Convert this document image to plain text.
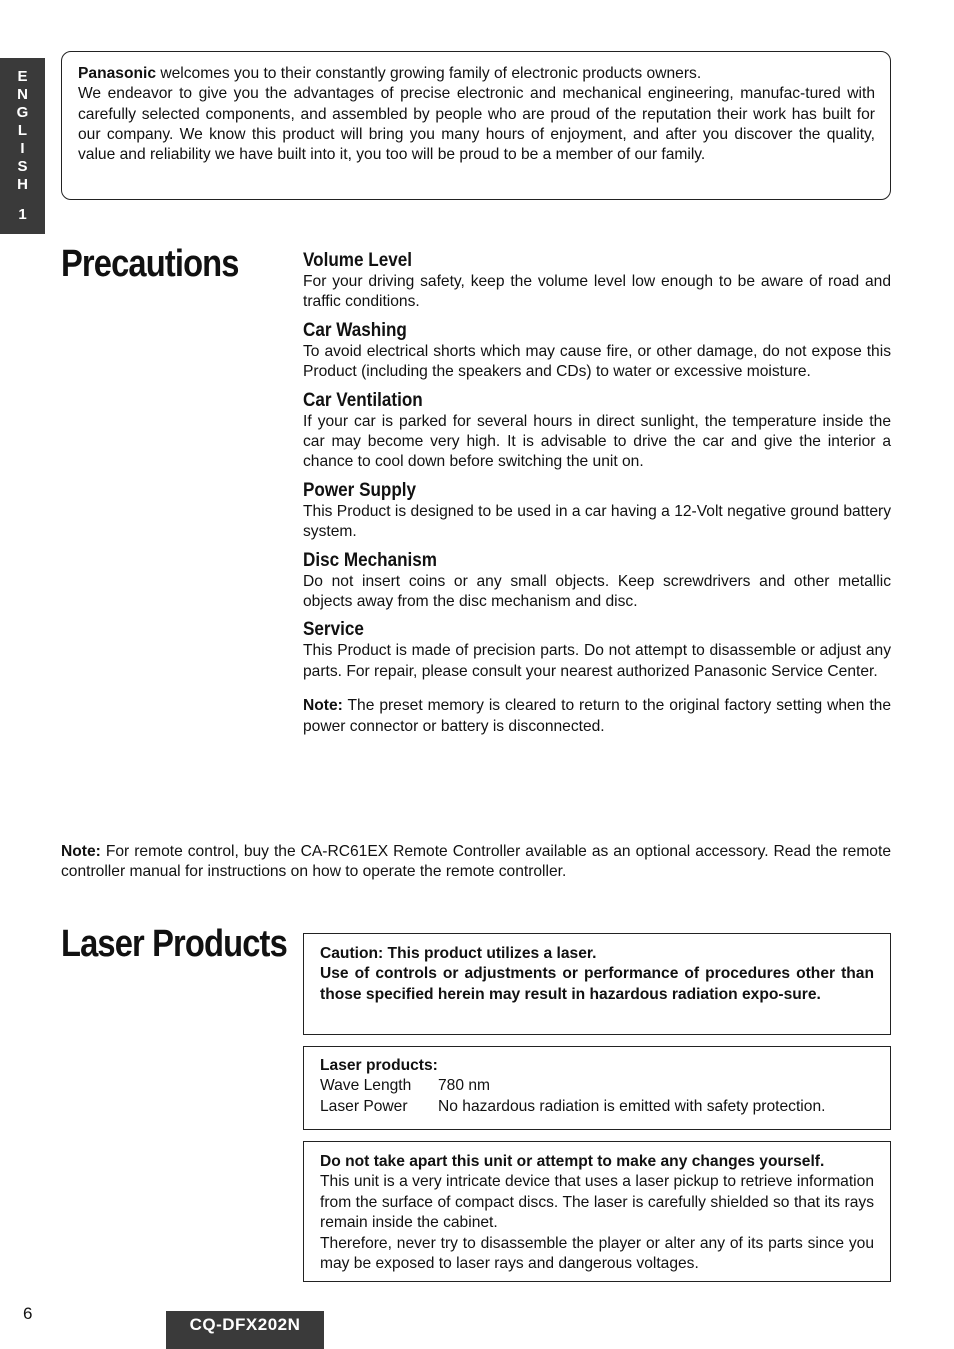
E
N
G
L
I
S
H
1

Panasonic welcomes you to their constantly growing family of electronic products owners.

We endeavor to give you the advantages of precise electronic and mechanical engineering, manufac-tured with carefully selected components, and assembled by people who are proud of the reputation their work has built for our company. We know this product will bring you many hours of enjoyment, and after you discover the quality, value and reliability we have built into it, you too will be proud to be a member of our family.

Precautions	Volume Level

For your driving safety, keep the volume level low enough to be aware of road and traffic conditions.

Car Washing

To avoid electrical shorts which may cause fire, or other damage, do not expose this Product (including the speakers and CDs) to water or excessive moisture.

Car Ventilation

If your car is parked for several hours in direct sunlight, the temperature inside the car may become very high. It is advisable to drive the car and give the interior a chance to cool down before switching the unit on.

Power Supply

This Product is designed to be used in a car having a 12-Volt negative ground battery system.

Disc Mechanism

Do not insert coins or any small objects. Keep screwdrivers and other metallic objects away from the disc mechanism and disc.

Service

This Product is made of precision parts. Do not attempt to disassemble or adjust any parts. For repair, please consult your nearest authorized Panasonic Service Center.

Note: The preset memory is cleared to return to the original factory setting when the power connector or battery is disconnected.

Note: For remote control, buy the CA-RC61EX Remote Controller available as an optional accessory. Read the remote controller manual for instructions on how to operate the remote controller.

Laser Products Caution: This product utilizes a laser.
Use of controls or adjustments or performance of procedures other than those specified herein may result in hazardous radiation expo-sure.
Laser products:
Wave Length	780 nm
Laser Power	No hazardous radiation is emitted with safety protection.
Do not take apart this unit or attempt to make any changes yourself.
This unit is a very intricate device that uses a laser pickup to retrieve information from the surface of compact discs. The laser is carefully shielded so that its rays remain inside the cabinet.
Therefore, never try to disassemble the player or alter any of its parts since you may be exposed to laser rays and dangerous voltages.
6
CQ-DFX202N
